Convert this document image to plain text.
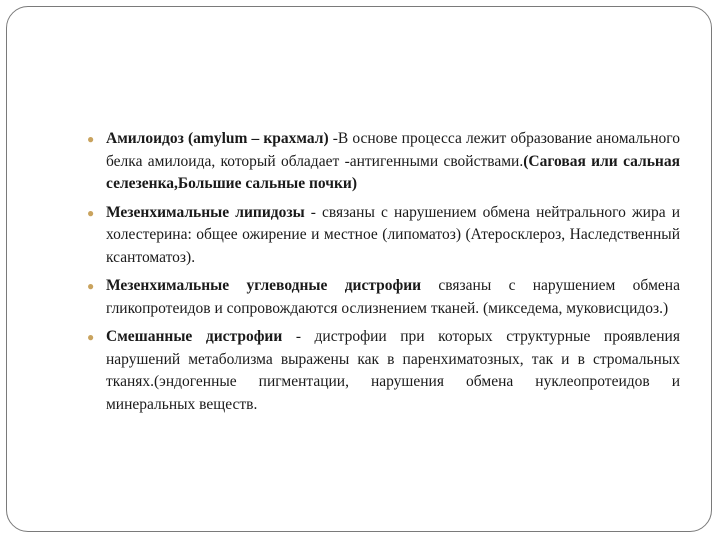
● Амилоидоз (amylum – крахмал) -В основе процесса лежит образование аномального белка амилоида, который обладает -антигенными свойствами.(Саговая или сальная селезенка,Большие сальные почки)
● Мезенхимальные липидозы - связаны с нарушением обмена нейтрального жира и холестерина: общее ожирение и местное (липоматоз) (Атеросклероз, Наследственный ксантоматоз).
● Мезенхимальные углеводные дистрофии связаны с нарушением обмена гликопротеидов и сопровождаются ослизнением тканей. (микседема, муковисцидоз.)
● Смешанные дистрофии - дистрофии при которых структурные проявления нарушений метаболизма выражены как в паренхиматозных, так и в стромальных тканях.(эндогенные пигментации, нарушения обмена нуклеопротеидов и минеральных веществ.
